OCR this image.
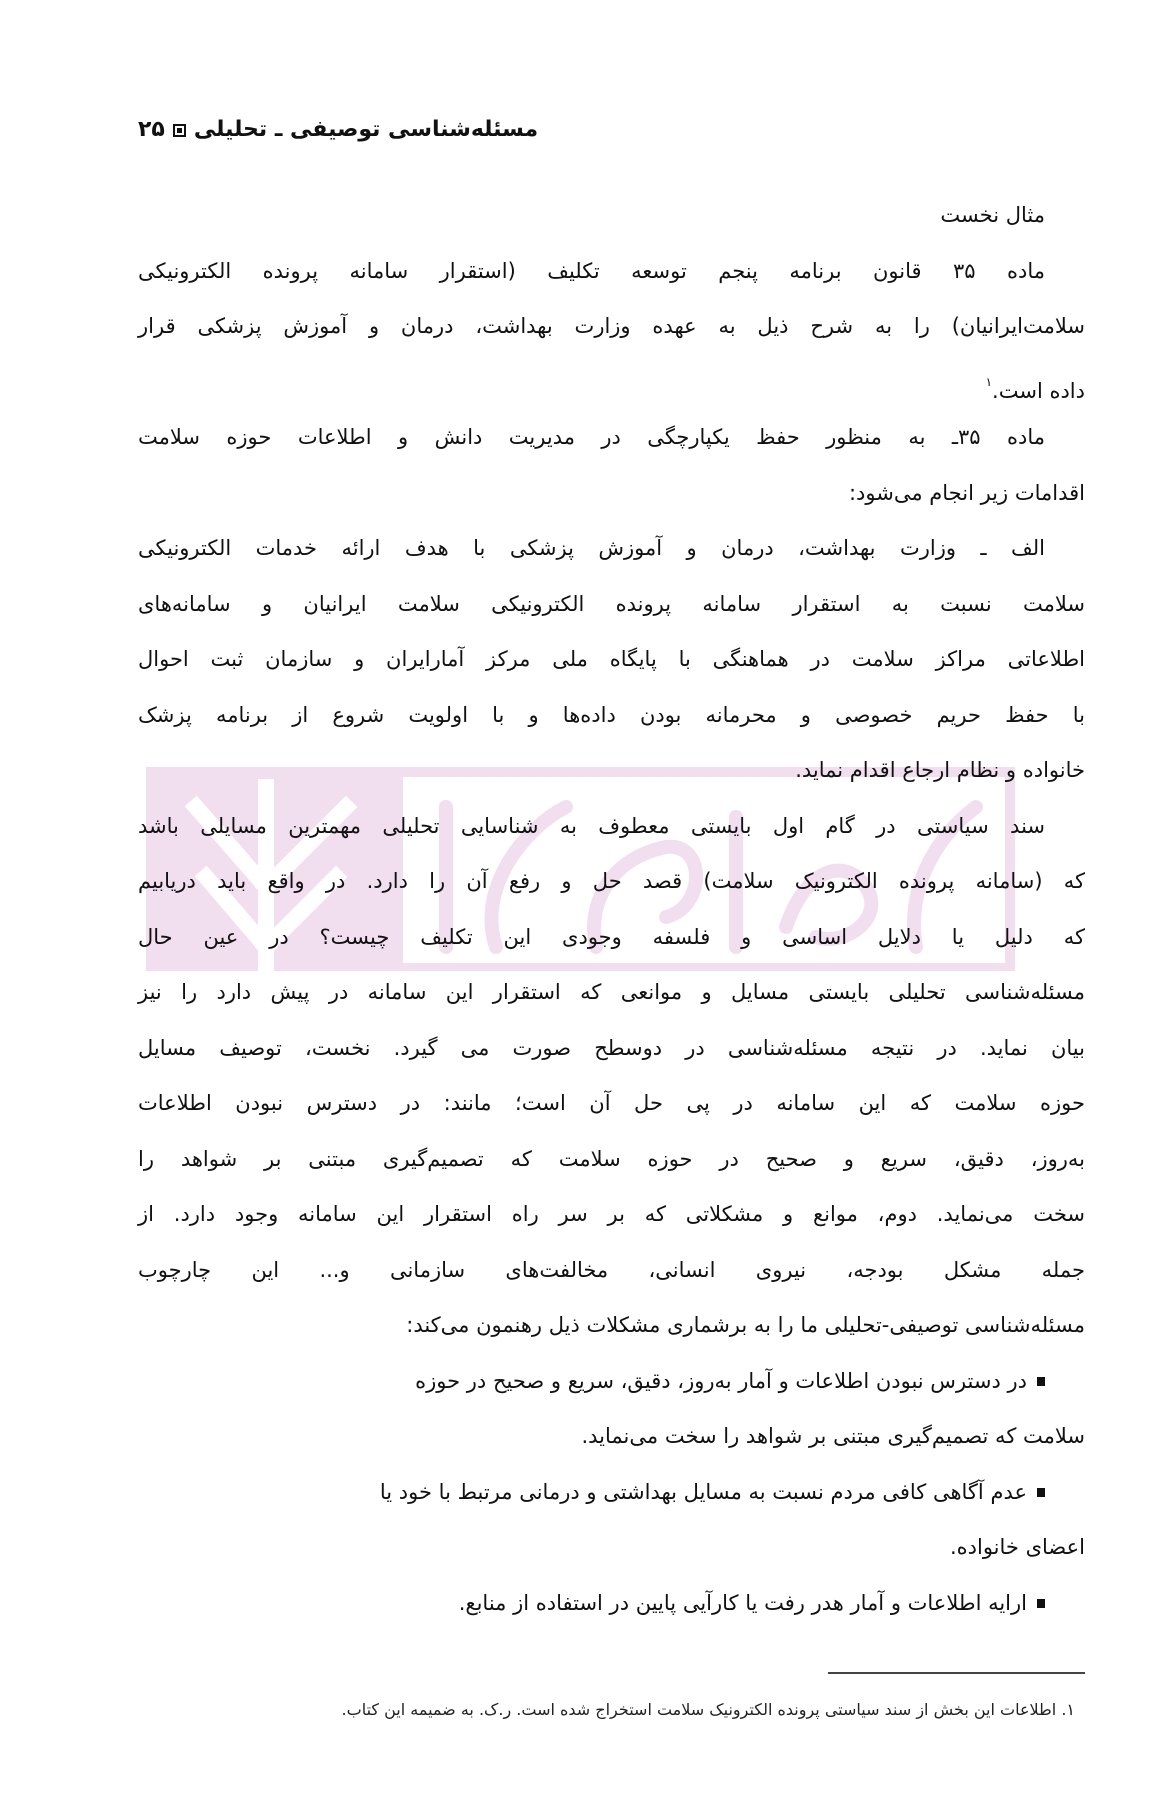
مسئله‌شناسی توصیفی ـ تحلیلی۲۵
مثال نخست
ماده ۳۵ قانون برنامه پنجم توسعه تکلیف (استقرار سامانه پرونده الکترونیکی
سلامت‌ایرانیان) را به شرح ذیل به عهده وزارت بهداشت، درمان و آموزش پزشکی قرار
داده است.$^۱$
ماده ۳۵ـ به منظور حفظ یکپارچگی در مدیریت دانش و اطلاعات حوزه سلامت
اقدامات زیر انجام می‌شود:
الف ـ وزارت بهداشت، درمان و آموزش پزشکی با هدف ارائه خدمات الکترونیکی
سلامت نسبت به استقرار سامانه پرونده الکترونیکی سلامت ایرانیان و سامانه‌های
اطلاعاتی مراکز سلامت در هماهنگی با پایگاه ملی مرکز آمارایران و سازمان ثبت احوال
با حفظ حریم خصوصی و محرمانه بودن داده‌ها و با اولویت شروع از برنامه پزشک
خانواده و نظام ارجاع اقدام نماید.
سند سیاستی در گام اول بایستی معطوف به شناسایی تحلیلی مهمترین مسایلی باشد
که (سامانه پرونده الکترونیک سلامت) قصد حل و رفع آن را دارد. در واقع باید دریابیم
که دلیل یا دلایل اساسی و فلسفه وجودی این تکلیف چیست؟ در عین حال
مسئله‌شناسی تحلیلی بایستی مسایل و موانعی که استقرار این سامانه در پیش دارد را نیز
بیان نماید. در نتیجه مسئله‌شناسی در دوسطح صورت می گیرد. نخست، توصیف مسایل
حوزه سلامت که این سامانه در پی حل آن است؛ مانند: در دسترس نبودن اطلاعات
به‌روز، دقیق، سریع و صحیح در حوزه سلامت که تصمیم‌گیری مبتنی بر شواهد را
سخت می‌نماید. دوم، موانع و مشکلاتی که بر سر راه استقرار این سامانه وجود دارد. از
جمله مشکل بودجه، نیروی انسانی، مخالفت‌های سازمانی و... این چارچوب
مسئله‌شناسی توصیفی-تحلیلی ما را به برشماری مشکلات ذیل رهنمون می‌کند:
در دسترس نبودن اطلاعات و آمار به‌روز، دقیق، سریع و صحیح در حوزه
سلامت که تصمیم‌گیری مبتنی بر شواهد را سخت می‌نماید.
عدم آگاهی کافی مردم نسبت به مسایل بهداشتی و درمانی مرتبط با خود یا
اعضای خانواده.
ارایه اطلاعات و آمار هدر رفت یا کارآیی پایین در استفاده از منابع.
۱. اطلاعات این بخش از سند سیاستی پرونده الکترونیک سلامت استخراج شده است. ر.ک. به ضمیمه این کتاب.
